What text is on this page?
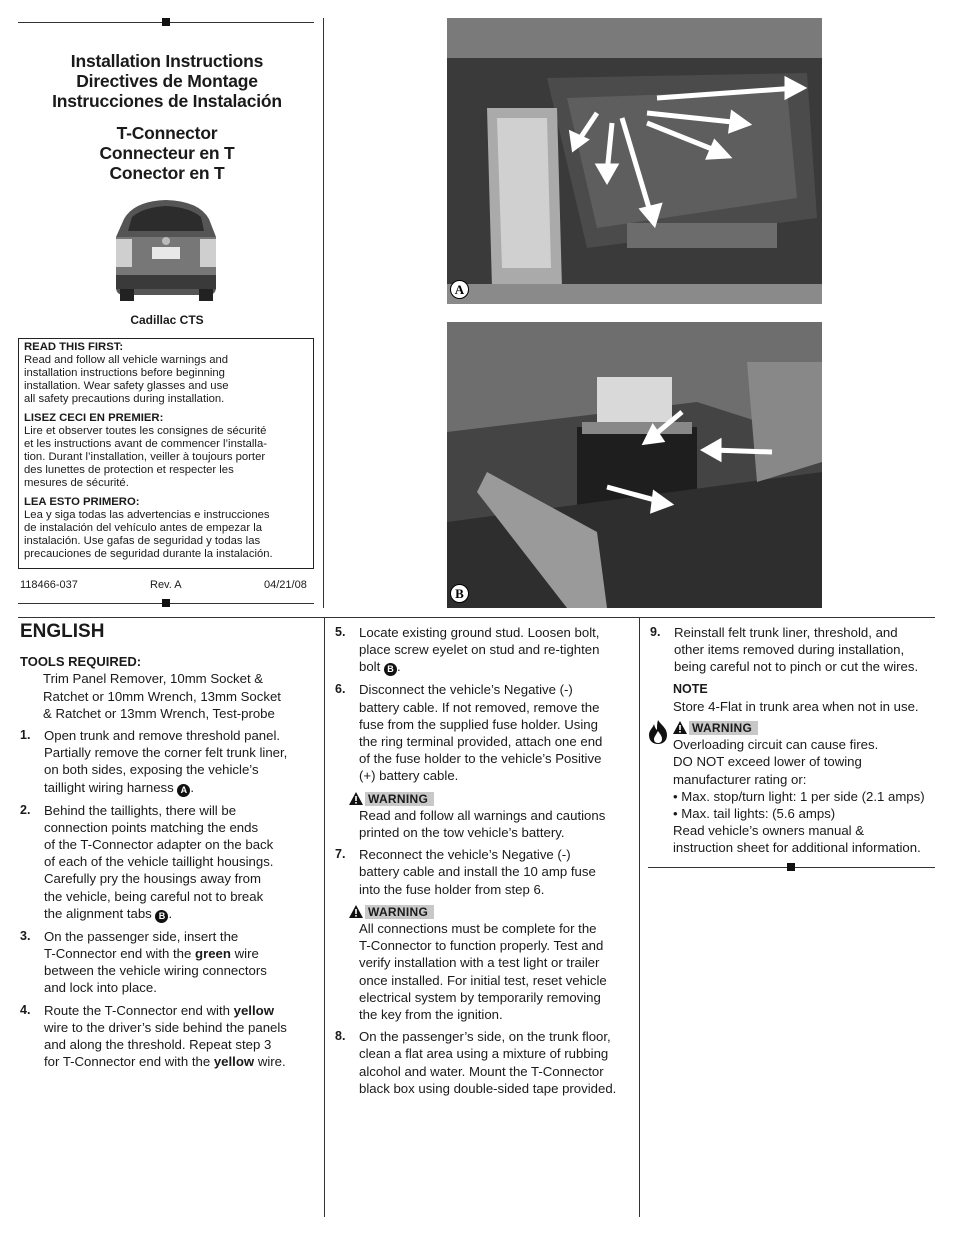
Installation Instructions
Directives de Montage
Instrucciones de Instalación
T-Connector
Connecteur en T
Conector en T
Cadillac CTS
READ THIS FIRST:
Read and follow all vehicle warnings and
installation instructions before beginning
installation. Wear safety glasses and use
all safety precautions during installation.
LISEZ CECI EN PREMIER:
Lire et observer toutes les consignes de sécurité
et les instructions avant de commencer l’installa-
tion. Durant l’installation, veiller à toujours porter
des lunettes de protection et respecter les
mesures de sécurité.
LEA ESTO PRIMERO:
Lea y siga todas las advertencias e instrucciones
de instalación del vehículo antes de empezar la
instalación. Use gafas de seguridad y todas las
precauciones de seguridad durante la instalación.
118466-037	Rev. A	04/21/08
A
B
ENGLISH
TOOLS REQUIRED:
Trim Panel Remover, 10mm Socket &
Ratchet or 10mm Wrench, 13mm Socket
& Ratchet or 13mm Wrench, Test-probe
1. Open trunk and remove threshold panel.
Partially remove the corner felt trunk liner,
on both sides, exposing the vehicle’s
taillight wiring harness A .
2. Behind the taillights, there will be
connection points matching the ends
of the T-Connector adapter on the back
of each of the vehicle taillight housings.
Carefully pry the housings away from
the vehicle, being careful not to break
the alignment tabs B .
3. On the passenger side, insert the
T-Connector end with the green wire
between the vehicle wiring connectors
and lock into place.
4. Route the T-Connector end with yellow
wire to the driver’s side behind the panels
and along the threshold. Repeat step 3
for T-Connector end with the yellow wire.
5. Locate existing ground stud. Loosen bolt,
place screw eyelet on stud and re-tighten
bolt B .
6. Disconnect the vehicle’s Negative (-)
battery cable. If not removed, remove the
fuse from the supplied fuse holder. Using
the ring terminal provided, attach one end
of the fuse holder to the vehicle’s Positive
(+) battery cable.
WARNING
Read and follow all warnings and cautions
printed on the tow vehicle’s battery.
7. Reconnect the vehicle’s Negative (-)
battery cable and install the 10 amp fuse
into the fuse holder from step 6.
WARNING
All connections must be complete for the
T-Connector to function properly. Test and
verify installation with a test light or trailer
once installed. For initial test, reset vehicle
electrical system by temporarily removing
the key from the ignition.
8. On the passenger’s side, on the trunk floor,
clean a flat area using a mixture of rubbing
alcohol and water. Mount the T-Connector
black box using double-sided tape provided.
9. Reinstall felt trunk liner, threshold, and
other items removed during installation,
being careful not to pinch or cut the wires.
NOTE
Store 4-Flat in trunk area when not in use.
WARNING
Overloading circuit can cause fires.
DO NOT exceed lower of towing
manufacturer rating or:
• Max. stop/turn light: 1 per side (2.1 amps)
• Max. tail lights: (5.6 amps)
Read vehicle’s owners manual &
instruction sheet for additional information.
